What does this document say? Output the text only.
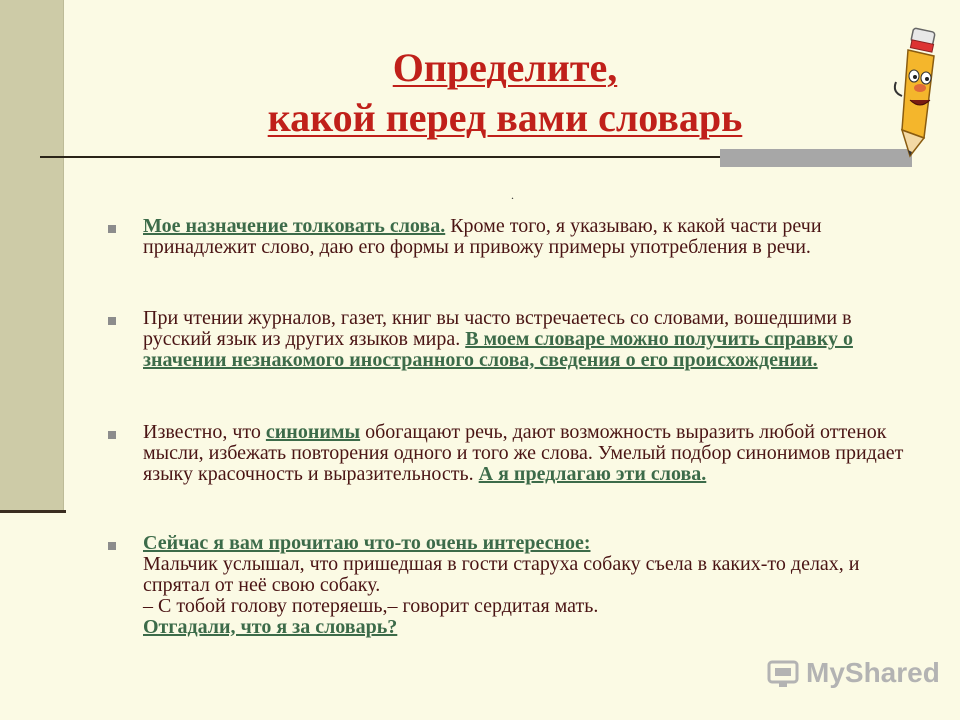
Определите,
какой перед вами словарь
.

Мое назначение толковать слова. Кроме того, я указываю, к какой части речи принадлежит слово, даю его формы и привожу примеры употребления в речи.

При чтении журналов, газет, книг вы часто встречаетесь со словами, вошедшими в русский язык из других языков мира. В моем словаре можно получить справку о значении незнакомого иностранного слова, сведения о его происхождении.

Известно, что синонимы обогащают речь, дают возможность выразить любой оттенок мысли, избежать повторения одного и того же слова. Умелый подбор синонимов придает языку красочность и выразительность. А я предлагаю эти слова.

Сейчас я вам прочитаю что-то очень интересное:
Мальчик услышал, что пришедшая в гости старуха собаку съела в каких-то делах, и спрятал от неё свою собаку.
– С тобой голову потеряешь,– говорит сердитая мать.
Отгадали, что я за словарь?

MyShared
